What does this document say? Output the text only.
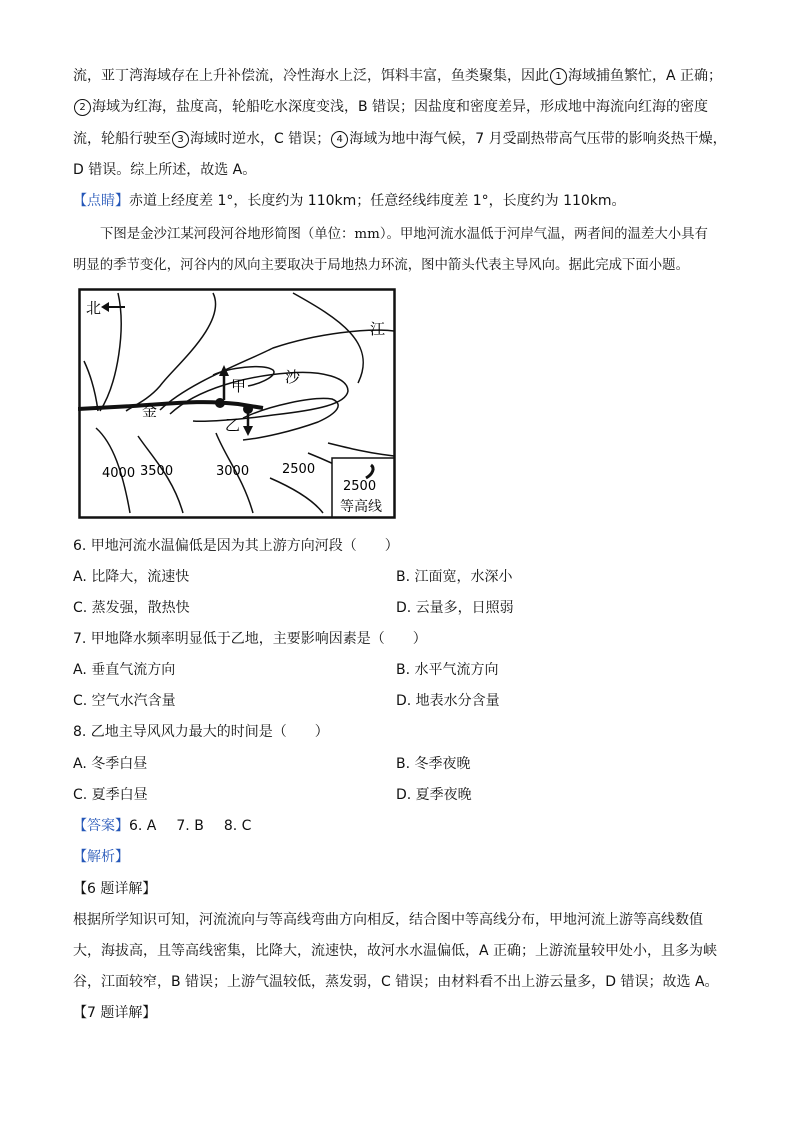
流，亚丁湾海域存在上升补偿流，冷性海水上泛，饵料丰富，鱼类聚集，因此 1 海域捕鱼繁忙，A 正确；

2 海域为红海，盐度高，轮船吃水深度变浅，B 错误；因盐度和密度差异，形成地中海流向红海的密度

流，轮船行驶至 3 海域时逆水，C 错误； 4 海域为地中海气候，7 月受副热带高气压带的影响炎热干燥，

D 错误。综上所述，故选 A。

【点睛】赤道上经度差 1°，长度约为 110km；任意经线纬度差 1°，长度约为 110km。

下图是金沙江某河段河谷地形简图（单位：mm）。甲地河流水温低于河岸气温，两者间的温差大小具有

明显的季节变化，河谷内的风向主要取决于局地热力环流，图中箭头代表主导风向。据此完成下面小题。

北
江
沙
金
甲
乙
4000 3500	3000	2500
2500
等高线

6. 甲地河流水温偏低是因为其上游方向河段（　　）

A. 比降大，流速快	B. 江面宽，水深小

C. 蒸发强，散热快	D. 云量多，日照弱

7. 甲地降水频率明显低于乙地，主要影响因素是（　　）

A. 垂直气流方向	B. 水平气流方向

C. 空气水汽含量	D. 地表水分含量

8. 乙地主导风风力最大的时间是（　　）

A. 冬季白昼	B. 冬季夜晚

C. 夏季白昼	D. 夏季夜晚

【答案】6. A 7. B 8. C

【解析】

【6 题详解】

根据所学知识可知，河流流向与等高线弯曲方向相反，结合图中等高线分布，甲地河流上游等高线数值

大，海拔高，且等高线密集，比降大，流速快，故河水水温偏低，A 正确；上游流量较甲处小，且多为峡

谷，江面较窄，B 错误；上游气温较低，蒸发弱，C 错误；由材料看不出上游云量多，D 错误；故选 A。

【7 题详解】
